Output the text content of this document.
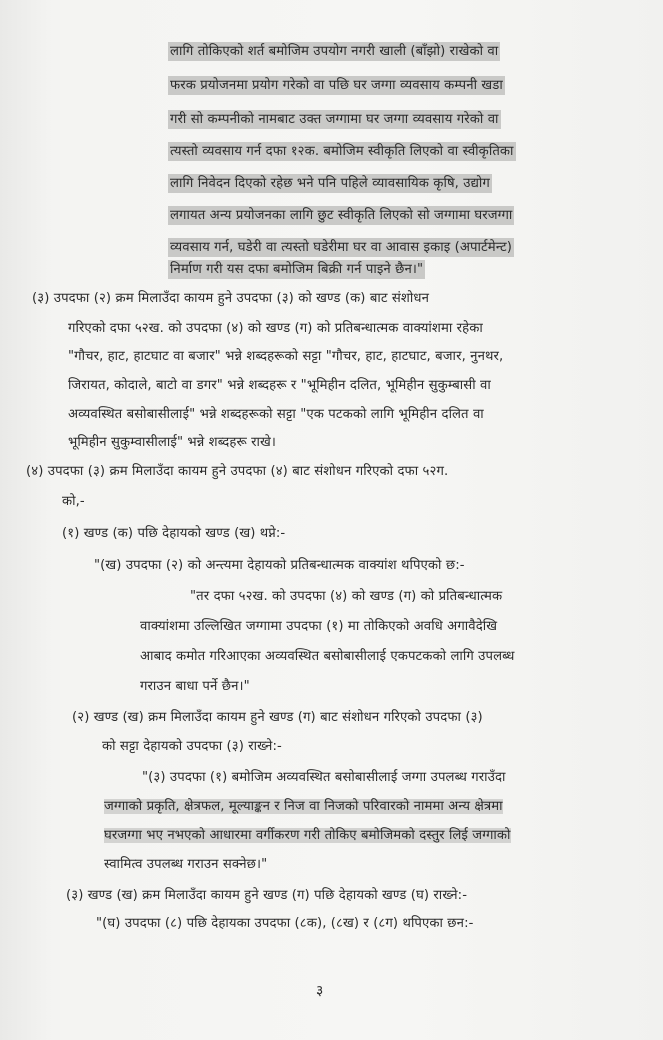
लागि तोकिएको शर्त बमोजिम उपयोग नगरी खाली (बाँझो) राखेको वा
फरक प्रयोजनमा प्रयोग गरेको वा पछि घर जग्गा व्यवसाय कम्पनी खडा
गरी सो कम्पनीको नामबाट उक्त जग्गामा घर जग्गा व्यवसाय गरेको वा
त्यस्तो व्यवसाय गर्न दफा १२क. बमोजिम स्वीकृति लिएको वा स्वीकृतिका
लागि निवेदन दिएको रहेछ भने पनि पहिले व्यावसायिक कृषि, उद्योग
लगायत अन्य प्रयोजनका लागि छुट स्वीकृति लिएको सो जग्गामा घरजग्गा
व्यवसाय गर्न, घडेरी वा त्यस्तो घडेरीमा घर वा आवास इकाइ (अपार्टमेन्ट)
निर्माण गरी यस दफा बमोजिम बिक्री गर्न पाइने छैन।"
(३) उपदफा (२) क्रम मिलाउँदा कायम हुने उपदफा (३) को खण्ड (क) बाट संशोधन
गरिएको दफा ५२ख. को उपदफा (४) को खण्ड (ग) को प्रतिबन्धात्मक वाक्यांशमा रहेका
"गौचर, हाट, हाटघाट वा बजार" भन्ने शब्दहरूको सट्टा "गौचर, हाट, हाटघाट, बजार, नुनथर,
जिरायत, कोदाले, बाटो वा डगर" भन्ने शब्दहरू र "भूमिहीन दलित, भूमिहीन सुकुम्बासी वा
अव्यवस्थित बसोबासीलाई" भन्ने शब्दहरूको सट्टा "एक पटकको लागि भूमिहीन दलित वा
भूमिहीन सुकुम्वासीलाई" भन्ने शब्दहरू राखे।
(४) उपदफा (३) क्रम मिलाउँदा कायम हुने उपदफा (४) बाट संशोधन गरिएको दफा ५२ग.
को,-
(१) खण्ड (क) पछि देहायको खण्ड (ख) थप्ने:-
"(ख) उपदफा (२) को अन्त्यमा देहायको प्रतिबन्धात्मक वाक्यांश थपिएको छ:-
"तर दफा ५२ख. को उपदफा (४) को खण्ड (ग) को प्रतिबन्धात्मक
वाक्यांशमा उल्लिखित जग्गामा उपदफा (१) मा तोकिएको अवधि अगावैदेखि
आबाद कमोत गरिआएका अव्यवस्थित बसोबासीलाई एकपटकको लागि उपलब्ध
गराउन बाधा पर्ने छैन।"
(२) खण्ड (ख) क्रम मिलाउँदा कायम हुने खण्ड (ग) बाट संशोधन गरिएको उपदफा (३)
को सट्टा देहायको उपदफा (३) राख्ने:-
"(३) उपदफा (१) बमोजिम अव्यवस्थित बसोबासीलाई जग्गा उपलब्ध गराउँदा
जग्गाको प्रकृति, क्षेत्रफल, मूल्याङ्कन र निज वा निजको परिवारको नाममा अन्य क्षेत्रमा
घरजग्गा भए नभएको आधारमा वर्गीकरण गरी तोकिए बमोजिमको दस्तुर लिई जग्गाको
स्वामित्व उपलब्ध गराउन सक्नेछ।"
(३) खण्ड (ख) क्रम मिलाउँदा कायम हुने खण्ड (ग) पछि देहायको खण्ड (घ) राख्ने:-
"(घ) उपदफा (८) पछि देहायका उपदफा (८क), (८ख) र (८ग) थपिएका छन:-
३
